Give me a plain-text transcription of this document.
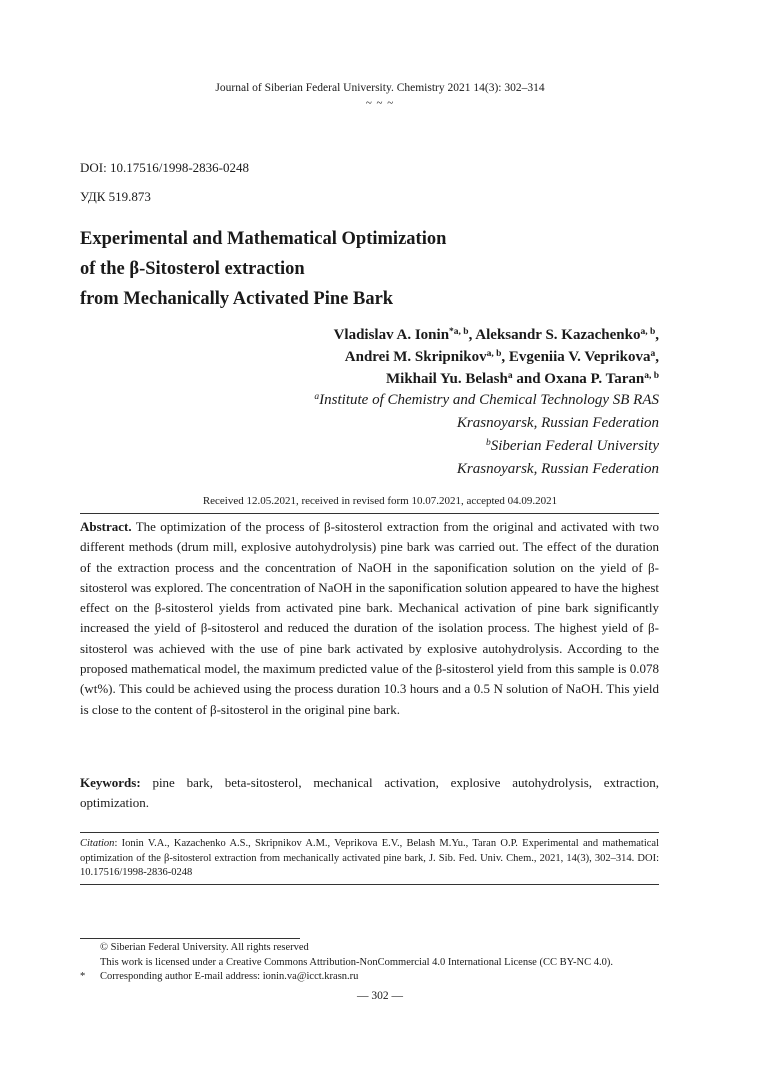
Journal of Siberian Federal University. Chemistry 2021 14(3): 302–314
~ ~ ~
DOI: 10.17516/1998-2836-0248
УДК 519.873
Experimental and Mathematical Optimization
of the β-Sitosterol extraction
from Mechanically Activated Pine Bark
Vladislav A. Ionin$^{*a, b}$, Aleksandr S. Kazachenko$^{a, b}$,
Andrei M. Skripnikov$^{a, b}$, Evgeniia V. Veprikova$^a$,
Mikhail Yu. Belash$^a$ and Oxana P. Taran$^{a, b}$
$^a$Institute of Chemistry and Chemical Technology SB RAS
Krasnoyarsk, Russian Federation
$^b$Siberian Federal University
Krasnoyarsk, Russian Federation
Received 12.05.2021, received in revised form 10.07.2021, accepted 04.09.2021
Abstract. The optimization of the process of β-sitosterol extraction from the original and activated with two different methods (drum mill, explosive autohydrolysis) pine bark was carried out. The effect of the duration of the extraction process and the concentration of NaOH in the saponification solution on the yield of β-sitosterol was explored. The concentration of NaOH in the saponification solution appeared to have the highest effect on the β-sitosterol yields from activated pine bark. Mechanical activation of pine bark significantly increased the yield of β-sitosterol and reduced the duration of the isolation process. The highest yield of β-sitosterol was achieved with the use of pine bark activated by explosive autohydrolysis. According to the proposed mathematical model, the maximum predicted value of the β-sitosterol yield from this sample is 0.078 (wt%). This could be achieved using the process duration 10.3 hours and a 0.5 N solution of NaOH. This yield is close to the content of β-sitosterol in the original pine bark.
Keywords: pine bark, beta-sitosterol, mechanical activation, explosive autohydrolysis, extraction, optimization.
Citation: Ionin V.A., Kazachenko A.S., Skripnikov A.M., Veprikova E.V., Belash M.Yu., Taran O.P. Experimental and mathematical optimization of the β-sitosterol extraction from mechanically activated pine bark, J. Sib. Fed. Univ. Chem., 2021, 14(3), 302–314. DOI: 10.17516/1998-2836-0248
© Siberian Federal University. All rights reserved
This work is licensed under a Creative Commons Attribution-NonCommercial 4.0 International License (CC BY-NC 4.0).
* Corresponding author E-mail address: ionin.va@icct.krasn.ru
— 302 —
